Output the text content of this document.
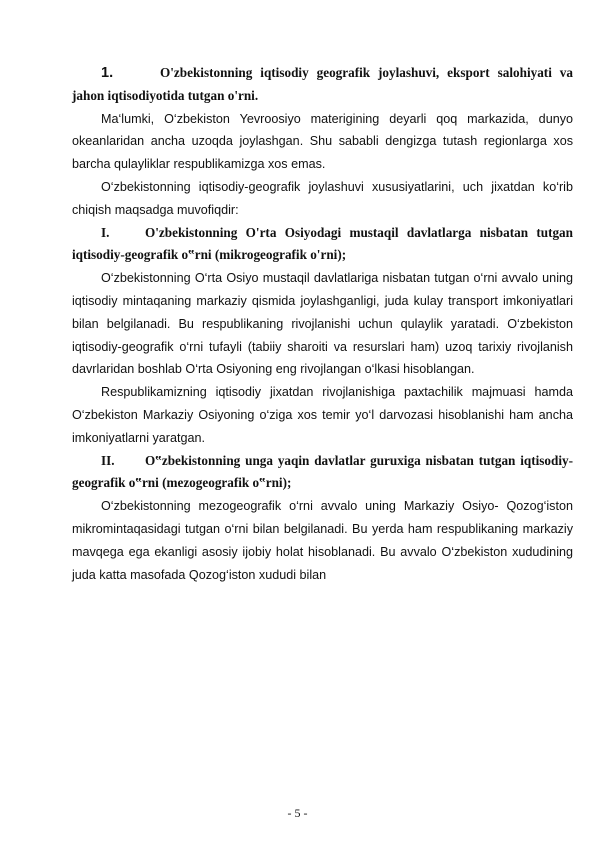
1.	O'zbekistonning iqtisodiy geografik joylashuvi, eksport salohiyati va jahon iqtisodiyotida tutgan o'rni.

Ma‘lumki, O‘zbekiston Yevroosiyo materigining deyarli qoq markazida, dunyo okeanlaridan ancha uzoqda joylashgan. Shu sababli dengizga tutash regionlarga xos barcha qulayliklar respublikamizga xos emas.

O‘zbekistonning iqtisodiy-geografik joylashuvi xususiyatlarini, uch jixatdan ko‘rib chiqish maqsadga muvofiqdir:

I.	O'zbekistonning O'rta Osiyodagi mustaqil davlatlarga nisbatan tutgan iqtisodiy-geografik o‟rni (mikrogeografik o'rni);

O‘zbekistonning O‘rta Osiyo mustaqil davlatlariga nisbatan tutgan o‘rni avvalo uning iqtisodiy mintaqaning markaziy qismida joylashganligi, juda kulay transport imkoniyatlari bilan belgilanadi. Bu respublikaning rivojlanishi uchun qulaylik yaratadi. O‘zbekiston iqtisodiy-geografik o‘rni tufayli (tabiiy sharoiti va resurslari ham) uzoq tarixiy rivojlanish davrlaridan boshlab O‘rta Osiyoning eng rivojlangan o‘lkasi hisoblangan.

Respublikamizning iqtisodiy jixatdan rivojlanishiga paxtachilik majmuasi hamda O‘zbekiston Markaziy Osiyoning o‘ziga xos temir yo‘l darvozasi hisoblanishi ham ancha imkoniyatlarni yaratgan.

II. O‟zbekistonning unga yaqin davlatlar guruxiga nisbatan tutgan iqtisodiy-geografik o‟rni (mezogeografik o‟rni);

O‘zbekistonning mezogeografik o‘rni avvalo uning Markaziy Osiyo- Qozog‘iston mikromintaqasidagi tutgan o‘rni bilan belgilanadi. Bu yerda ham respublikaning markaziy mavqega ega ekanligi asosiy ijobiy holat hisoblanadi. Bu avvalo O‘zbekiston xududining juda katta masofada Qozog‘iston xududi bilan

- 5 -
